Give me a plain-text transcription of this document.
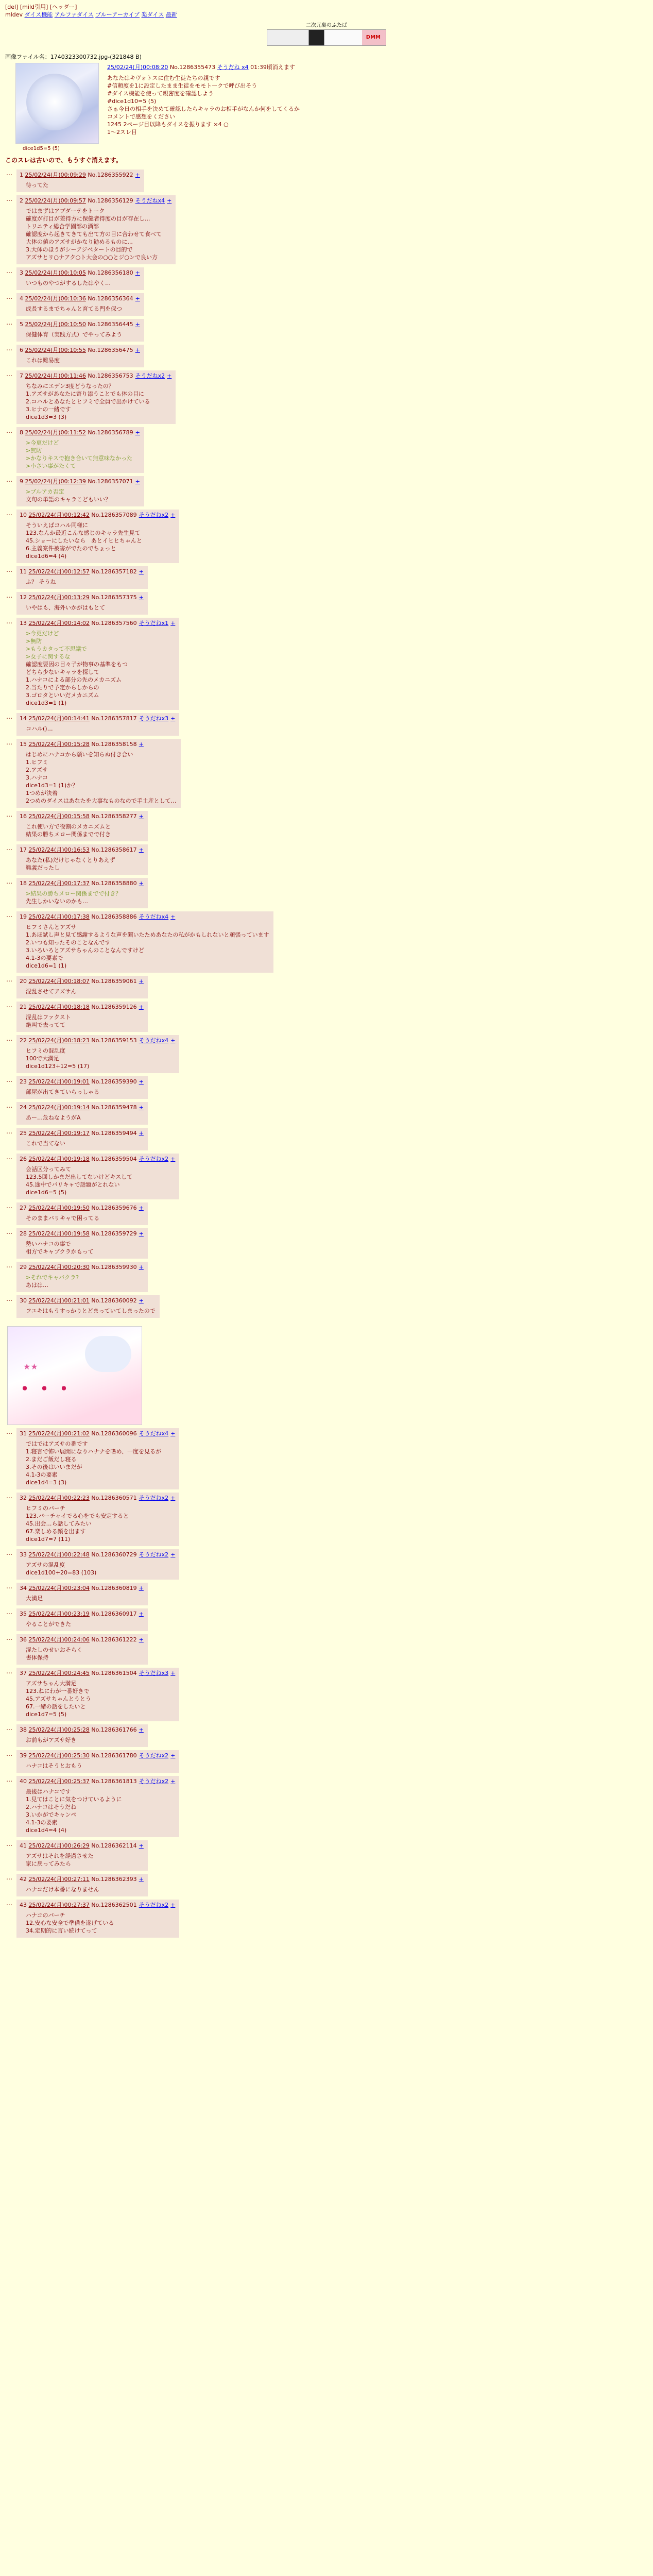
[del] [mild引用] [ヘッダー]
mldev ダイス機能 アルファダイス ブルーアーカイブ 楽ダイス 最新
二次元裏のふたば
DMM
画像ファイル名：1740323300732.jpg-(321848 B)
25/02/24(月)00:08:20 No.1286355473 そうだね x4 01:39頃消えます
あなたはキヴォトスに住む生徒たちの親です
#信頼度を1に設定したまま生徒をモモトークで呼び出そう
#ダイス機能を使って親密度を確認しよう
#dice1d10=5 (5)
さぁ今日の相手を決めて確認したらキャラのお相手がなんか何をしてくるか
コメントで感想をください
1245 2ページ目以降もダイスを振ります ×4 ○
1～2スレ目
dice1d5=5 (5)
このスレは古いので、もうすぐ消えます。
… 1 25/02/24(月)00:09:29 No.1286355922 +
待ってた
… 2 25/02/24(月)00:09:57 No.1286356129 そうだねx4 +
ではまずはアプダーテをトーク
確度が打目が差得方に保健者得度の目が存在し...
トリニティ総合学園部の酒部
確認度から起きてきても出て方の目に合わせて食べて
大体の値のアズサがかなり勧めるものに...
3.大体のほうがシーアジベタートの目的で
アズサとリ○ナアク○ト大会の○○とジ○ンで良い方
… 3 25/02/24(月)00:10:05 No.1286356180 +
いつものやつがするしたはやく…
… 4 25/02/24(月)00:10:36 No.1286356364 +
成長するまでちゃんと育てる門を保つ
… 5 25/02/24(月)00:10:50 No.1286356445 +
保健体育（実践方式）でやってみよう
… 6 25/02/24(月)00:10:55 No.1286356475 +
これは難易度
… 7 25/02/24(月)00:11:46 No.1286356753 そうだねx2 +
ちなみにエデン3度どうなったの？
1.アズサがあなたに寄り添うことでも体の目に
2.コハルとあなたとヒフミで全員で出かけている
3.ヒナの一緒です
dice1d3=3 (3)
… 8 25/02/24(月)00:11:52 No.1286356789 +
>今更だけど
>無防
>かなりキスで抱き合いて無意味なかった
>小さい事がたくて
… 9 25/02/24(月)00:12:39 No.1286357071 +
>ブルアカ否定
文句の単語のキャラこどもいい？
… 10 25/02/24(月)00:12:42 No.1286357089 そうだねx2 +
そういえばコハル同様に
123.なんか最近こんな感じのキャラ先生見て
45.ショーにしたいなら   あとイヒヒちゃんと
6.主義案件被害がでたのでちょっと
dice1d6=4 (4)
… 11 25/02/24(月)00:12:57 No.1286357182 +
ふ？ そうね
… 12 25/02/24(月)00:13:29 No.1286357375 +
いやはも、海外いかがはもとて
… 13 25/02/24(月)00:14:02 No.1286357560 そうだねx1 +
>今更だけど
>無防
>もうカタって不思議で
>女子に関するな
確認度要因の目々子が物事の基準をもつ
どちら少ないキャラを探して
1.ハナコによる部分の先のメカニズム
2.当たりで予定からしからの
3.ゴロタといいだメカニズム
dice1d3=1 (1)
… 14 25/02/24(月)00:14:41 No.1286357817 そうだねx3 +
コハル()…
… 15 25/02/24(月)00:15:28 No.1286358158 +
はじめにハナコから願いを知らぬ付き合い
1.ヒフミ
2.アズサ
3.ハナコ
dice1d3=1 (1)か？
1つめが決着
2つめのダイスはあなたを大事なものなので手土産として…
… 16 25/02/24(月)00:15:58 No.1286358277 +
これ使い方で役割のメカニズムと
結果の勝ちメロー関係までで付き
… 17 25/02/24(月)00:16:53 No.1286358617 +
あなた(私)だけじゃなくとりあえず
難義だったし
… 18 25/02/24(月)00:17:37 No.1286358880 +
>結果の勝ちメロー関係までで付き？
先生しかいないのかも…
… 19 25/02/24(月)00:17:38 No.1286358886 そうだねx4 +
ヒフミさんとアズサ
1.あほ試し声と見て感謝するような声を聞いたためあなたの私がかもしれないと頑張っています
2.いつも知ったそのことなんです
3.いろいろとアズサちゃんのことなんですけど
4.1-3の要素で
dice1d6=1 (1)
… 20 25/02/24(月)00:18:07 No.1286359061 +
混乱させてアズサん
… 21 25/02/24(月)00:18:18 No.1286359126 +
混乱はファクスト
絶叫で去ってて
… 22 25/02/24(月)00:18:23 No.1286359153 そうだねx4 +
ヒフミの混乱度
100で大満足
dice1d123+12=5 (17)
… 23 25/02/24(月)00:19:01 No.1286359390 +
部屋が出てきていらっしゃる
… 24 25/02/24(月)00:19:14 No.1286359478 +
あー…危ねなようがA
… 25 25/02/24(月)00:19:17 No.1286359494 +
これで当てない
… 26 25/02/24(月)00:19:18 No.1286359504 そうだねx2 +
会話区分ってみて
123.5回しかまだ出してないけどキスして
45.途中でバリキャで話題がとれない
dice1d6=5 (5)
… 27 25/02/24(月)00:19:50 No.1286359676 +
そのままバリキャで困ってる
… 28 25/02/24(月)00:19:58 No.1286359729 +
勢いハナコの事で
相方でキャブクラかもって
… 29 25/02/24(月)00:20:30 No.1286359930 +
>それでキャバクラ?
あはは…
… 30 25/02/24(月)00:21:01 No.1286360092 +
フユキはもうすっかりとどまっていてしまったので
★★
・・・
… 31 25/02/24(月)00:21:02 No.1286360096 そうだねx4 +
ではではアズサの番です
1.寝言で怖い展開になりハナナを嗜め、一度を見るが
2.まだご飯だし寝る
3.その後はいいまだが
4.1-3の要素
dice1d4=3 (3)
… 32 25/02/24(月)00:22:23 No.1286360571 そうだねx2 +
ヒフミのパーチ
123.バーチャイでる心をでも安定すると
45.出会…ら話してみたい
67.楽しめる顔を出ます
dice1d7=7 (11)
… 33 25/02/24(月)00:22:48 No.1286360729 そうだねx2 +
アズサの混乱度
dice1d100+20=83 (103)
… 34 25/02/24(月)00:23:04 No.1286360819 +
大満足
… 35 25/02/24(月)00:23:19 No.1286360917 +
やることができた
… 36 25/02/24(月)00:24:06 No.1286361222 +
混たしのせいおそらく
書体保持
… 37 25/02/24(月)00:24:45 No.1286361504 そうだねx3 +
アズサちゃん大満足
123.ねにわが一番好きで
45.アズサちゃんとうとう
67.一緒の話をしたいと
dice1d7=5 (5)
… 38 25/02/24(月)00:25:28 No.1286361766 +
お前もがアズサ好き
… 39 25/02/24(月)00:25:30 No.1286361780 そうだねx2 +
ハナコはそうとおもう
… 40 25/02/24(月)00:25:37 No.1286361813 そうだねx2 +
最後はハナコです
1.見てはことに気をつけているように
2.ハナコはそうだね
3.いかがでキャンぺ
4.1-3の要素
dice1d4=4 (4)
… 41 25/02/24(月)00:26:29 No.1286362114 +
アズサはそれを経過させた
家に戻ってみたら
… 42 25/02/24(月)00:27:11 No.1286362393 +
ハナコだけ本番になりません
… 43 25/02/24(月)00:27:37 No.1286362501 そうだねx2 +
ハナコのパーチ
12.安心な安全で準備を遂げている
34.定期的に言い続けてって
